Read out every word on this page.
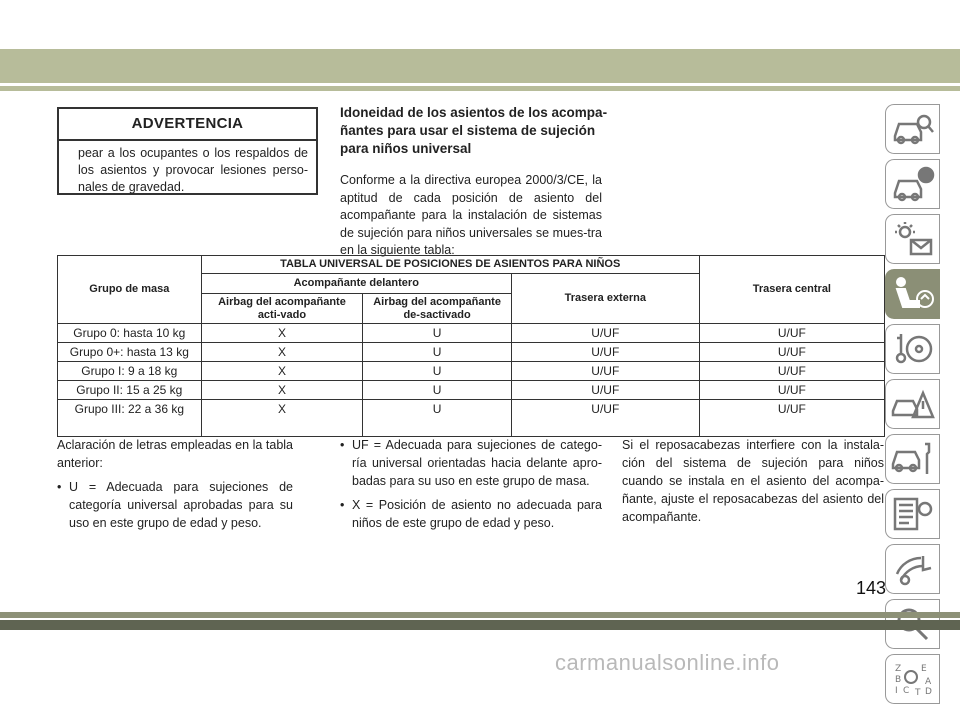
ADVERTENCIA
pear a los ocupantes o los respaldos de los asientos y provocar lesiones perso-nales de gravedad.
Idoneidad de los asientos de los acompa-ñantes para usar el sistema de sujeción para niños universal
Conforme a la directiva europea 2000/3/CE, la aptitud de cada posición de asiento del acompañante para la instalación de sistemas de sujeción para niños universales se mues-tra en la siguiente tabla:
Grupo de masa	TABLA UNIVERSAL DE POSICIONES DE ASIENTOS PARA NIÑOS			Trasera central
	Acompañante delantero		Trasera externa	
	Airbag del acompañante acti-vado	Airbag del acompañante de-sactivado		
Grupo 0: hasta 10 kg	X	U	U/UF	U/UF
Grupo 0+: hasta 13 kg	X	U	U/UF	U/UF
Grupo I: 9 a 18 kg	X	U	U/UF	U/UF
Grupo II: 15 a 25 kg	X	U	U/UF	U/UF
Grupo III: 22 a 36 kg	X	U	U/UF	U/UF

Aclaración de letras empleadas en la tabla anterior:

• U = Adecuada para sujeciones de categoría universal aprobadas para su uso en este grupo de edad y peso.
• UF = Adecuada para sujeciones de catego-ría universal orientadas hacia delante apro-badas para su uso en este grupo de masa.
• X = Posición de asiento no adecuada para niños de este grupo de edad y peso.

Si el reposacabezas interfiere con la instala-ción del sistema de sujeción para niños cuando se instala en el asiento del acompa-ñante, ajuste el reposacabezas del asiento del acompañante.

Z E
B	A
I C T D
143
carmanualsonline.info
